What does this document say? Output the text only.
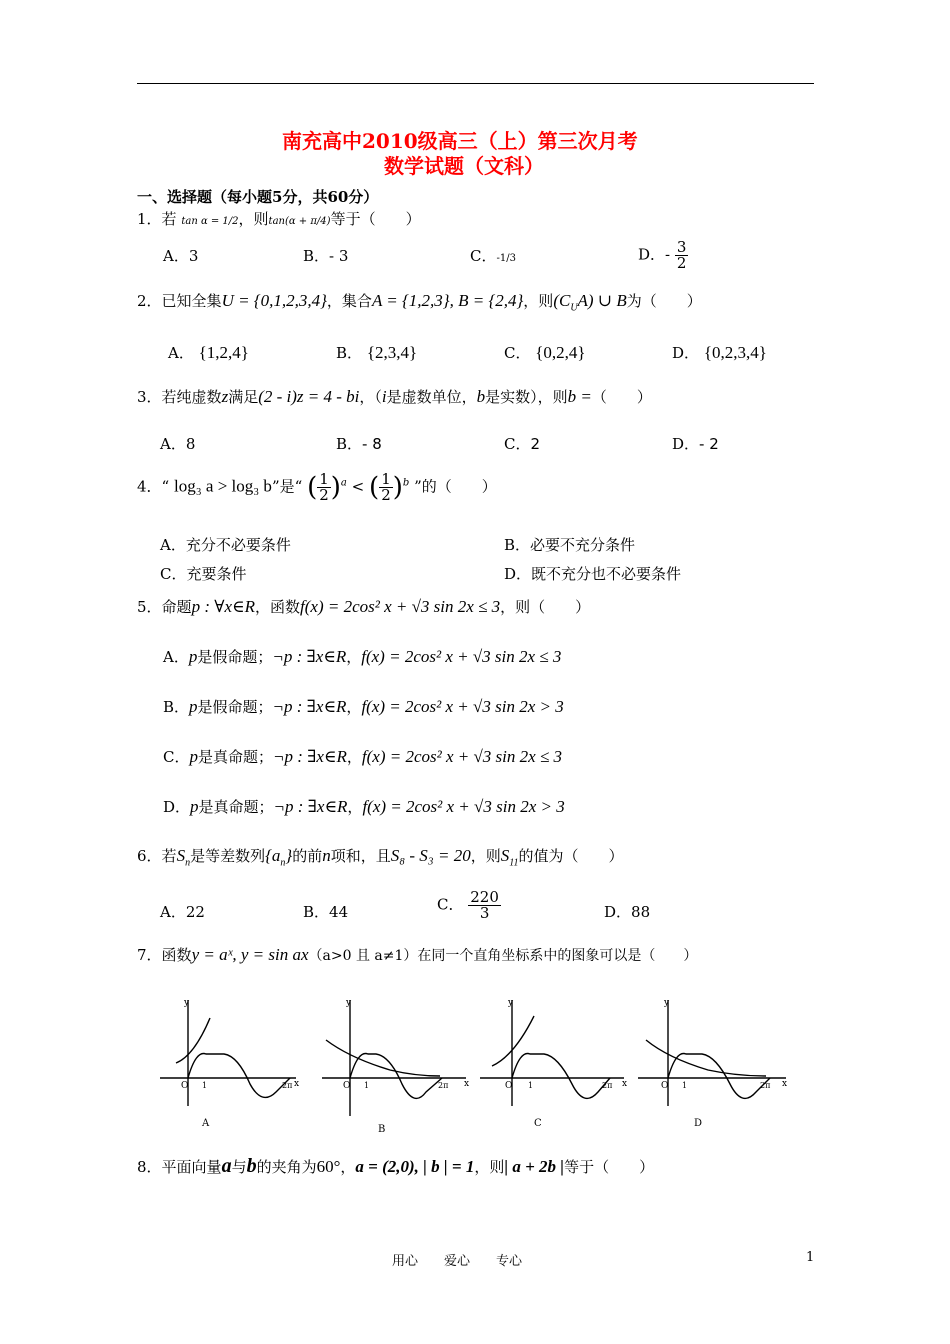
南充高中2010级高三（上）第三次月考
数学试题（文科）
一、选择题（每小题5分，共60分）
1．若 tan α = 1/2，则tan(α + π/4)等于（　　）
A．3	B．- 3	C．-1/3	D．- $\frac{3}{2}$
2．已知全集U = {0,1,2,3,4}，集合A = {1,2,3}, B = {2,4}，则$(C_UA)$ ∪ B为（　　）
A． {1,2,4}	B． {2,3,4}	C． {0,2,4}	D． {0,2,3,4}
3．若纯虚数z满足(2 - i)z = 4 - bi，（i是虚数单位，b是实数），则b =（　　）
A．8	B．- 8	C．2	D．- 2
4．“ log₃ a > log₃ b”是“ ( $\frac{1}{2} )^a$ < ( $\frac{1}{2} )^b$ ”的（　　）
A．充分不必要条件	B．必要不充分条件
C．充要条件	D．既不充分也不必要条件
5．命题p : ∀x∈R，函数f(x) = 2cos² x + √3 sin 2x ≤ 3，则（　　）
A．p是假命题；¬p : ∃x∈R，f(x) = 2cos² x + √3 sin 2x ≤ 3
B．p是假命题；¬p : ∃x∈R，f(x) = 2cos² x + √3 sin 2x > 3
C．p是真命题；¬p : ∃x∈R，f(x) = 2cos² x + √3 sin 2x ≤ 3
D．p是真命题；¬p : ∃x∈R，f(x) = 2cos² x + √3 sin 2x > 3
6．若$S_n$是等差数列$\{a_n\}$的前n项和，且S₈ - S₃ = 20，则$S_{11}$的值为（　　）
A．22	B．44	C． $\frac{220}{3}$	D．88
7．函数y = aˣ, y = sin ax（a>0 且 a≠1）在同一个直角坐标系中的图象可以是（　　）
y
x
O 1	2π
A
y
x
O 1	2π
B
y
x
O 1	2π
C
y
x
O 1	2π
D
8．平面向量a与b的夹角为60°，a = (2,0), | b | = 1，则| a + 2b |等于（　　）
用心　　爱心　　专心	1
